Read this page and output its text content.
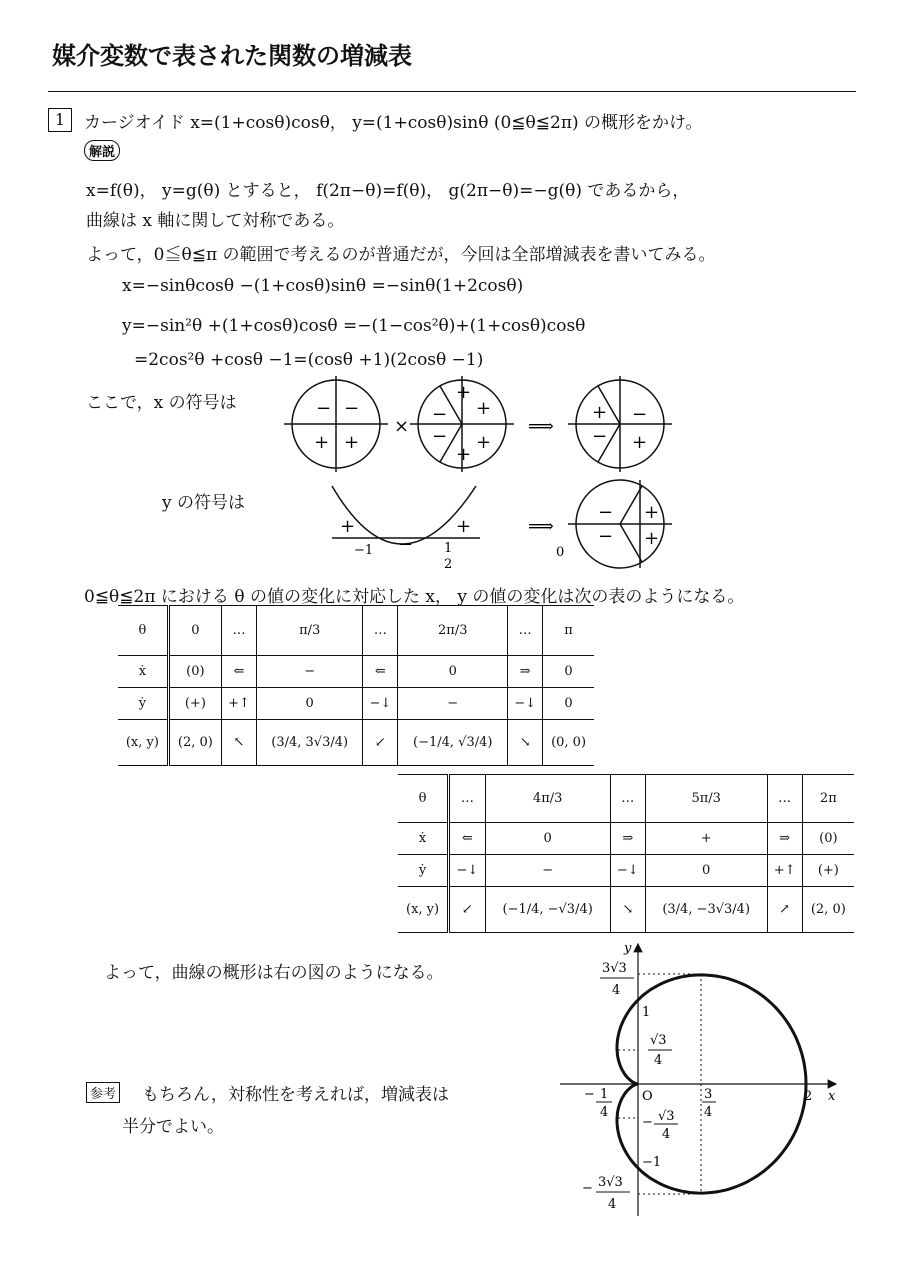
媒介変数で表された関数の増減表
1	カージオイド x=(1+cosθ)cosθ， y=(1+cosθ)sinθ (0≦θ≦2π) の概形をかけ。
解説
x=f(θ)， y=g(θ) とすると， f(2π−θ)=f(θ)， g(2π−θ)=−g(θ) であるから，
曲線は x 軸に関して対称である。
よって，0≦θ≦π の範囲で考えるのが普通だが，今回は全部増減表を書いてみる。
x=−sinθcosθ −(1+cosθ)sinθ =−sinθ(1+2cosθ)
y=−sin²θ +(1+cosθ)cosθ =−(1−cos²θ)+(1+cosθ)cosθ
=2cos²θ +cosθ −1=(cosθ +1)(2cosθ −1)
ここで，x の符号は
y の符号は
− −
+ +
×
+
− +
− +
+
⟹
+ −
− +
+	+
−
⟹
− +
− +
−1	1
2
0
0≦θ≦2π における θ の値の変化に対応した x， y の値の変化は次の表のようになる。
θ	0	…	π/3	…	2π/3	…	π
ẋ	(0)	⇐	−	⇐	0	⇒	0
ẏ	(+)	+↑	0	−↓	−	−↓	0
(x, y)	(2, 0)	↖	(3/4, 3√3/4)	↙	(−1/4, √3/4)	↘	(0, 0)
θ	…	4π/3	…	5π/3	…	2π
ẋ	⇐	0	⇒	+	⇒	(0)
ẏ	−↓	−	−↓	0	+↑	(+)
(x, y)	↙	(−1/4, −√3/4)	↘	(3/4, −3√3/4)	↗	(2, 0)
よって，曲線の概形は右の図のようになる。
参考 もちろん，対称性を考えれば，増減表は
半分でよい。
y
x
O
1
−1
2
3√3
4
√3
4
− 1
4
3
4
− √3
4
− 3√3
4
